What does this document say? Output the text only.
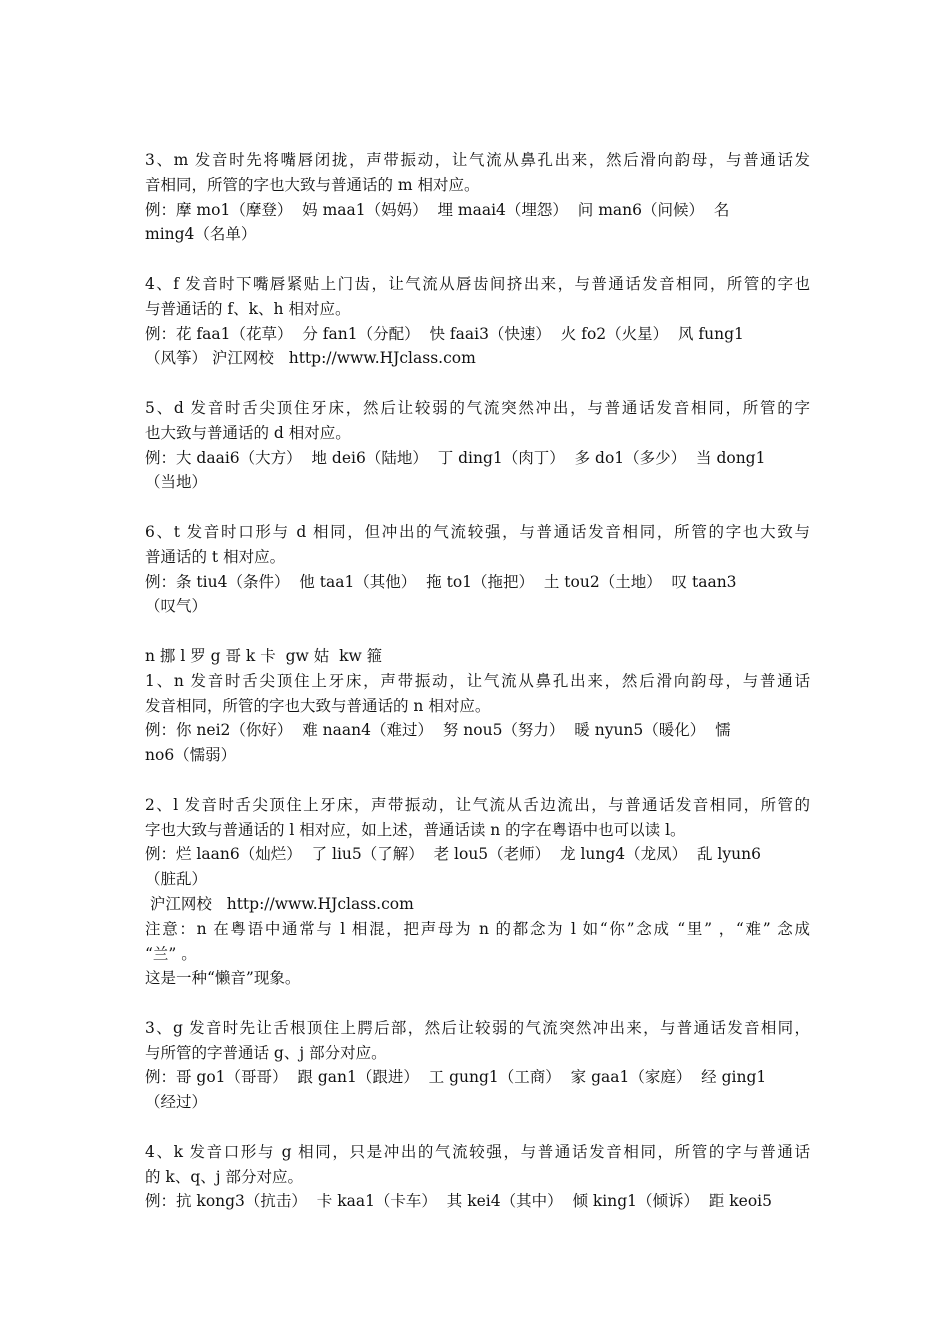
3、m 发音时先将嘴唇闭拢，声带振动，让气流从鼻孔出来，然后滑向韵母，与普通话发
音相同，所管的字也大致与普通话的 m 相对应。
例：摩 mo1（摩登）  妈 maa1（妈妈）  埋 maai4（埋怨）  问 man6（问候）  名
ming4（名单）
4、f 发音时下嘴唇紧贴上门齿，让气流从唇齿间挤出来，与普通话发音相同，所管的字也
与普通话的 f、k、h 相对应。
例：花 faa1（花草）  分 fan1（分配）  快 faai3（快速）  火 fo2（火星）  风 fung1
（风筝） 沪江网校   http://www.HJclass.com
5、d 发音时舌尖顶住牙床，然后让较弱的气流突然冲出，与普通话发音相同，所管的字
也大致与普通话的 d 相对应。
例：大 daai6（大方）  地 dei6（陆地）  丁 ding1（肉丁）  多 do1（多少）  当 dong1
（当地）
6、t 发音时口形与 d 相同，但冲出的气流较强，与普通话发音相同，所管的字也大致与
普通话的 t 相对应。
例：条 tiu4（条件）  他 taa1（其他）  拖 to1（拖把）  土 tou2（土地）  叹 taan3
（叹气）
n 挪 l 罗 g 哥 k 卡  gw 姑  kw 箍
1、n 发音时舌尖顶住上牙床，声带振动，让气流从鼻孔出来，然后滑向韵母，与普通话
发音相同，所管的字也大致与普通话的 n 相对应。
例：你 nei2（你好）  难 naan4（难过）  努 nou5（努力）  暖 nyun5（暖化）  懦
no6（懦弱）
2、l 发音时舌尖顶住上牙床，声带振动，让气流从舌边流出，与普通话发音相同，所管的
字也大致与普通话的 l 相对应，如上述，普通话读 n 的字在粤语中也可以读 l。
例：烂 laan6（灿烂）  了 liu5（了解）  老 lou5（老师）  龙 lung4（龙凤）  乱 lyun6
（脏乱）
沪江网校   http://www.HJclass.com
注意：n 在粤语中通常与 l 相混，把声母为 n 的都念为 l 如“你”念成 “里” ，“难” 念成
“兰” 。
这是一种“懒音”现象。
3、g 发音时先让舌根顶住上腭后部，然后让较弱的气流突然冲出来，与普通话发音相同，
与所管的字普通话 g、j 部分对应。
例：哥 go1（哥哥）  跟 gan1（跟进）  工 gung1（工商）  家 gaa1（家庭）  经 ging1
（经过）
4、k 发音口形与 g 相同，只是冲出的气流较强，与普通话发音相同，所管的字与普通话
的 k、q、j 部分对应。
例：抗 kong3（抗击）  卡 kaa1（卡车）  其 kei4（其中）  倾 king1（倾诉）  距 keoi5
